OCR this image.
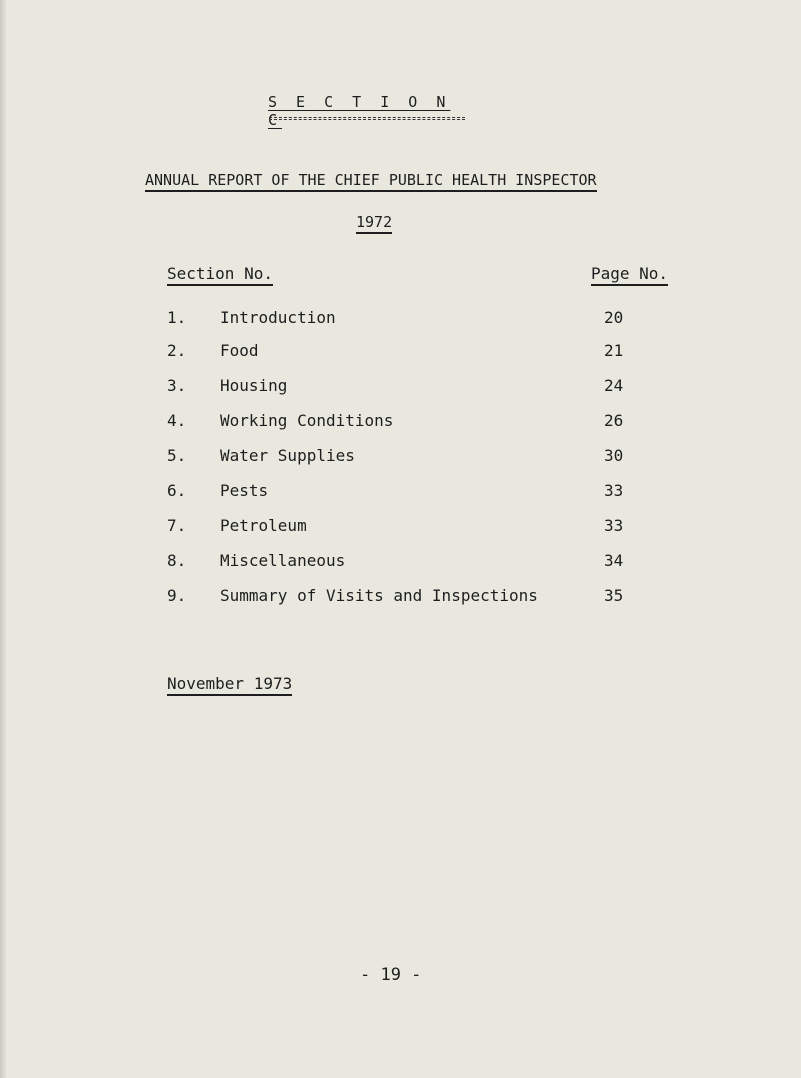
S E C T I O N C
ANNUAL REPORT OF THE CHIEF PUBLIC HEALTH INSPECTOR
1972
Section No.	Page No.
1. Introduction	20
2. Food	21
3. Housing	24
4. Working Conditions	26
5. Water Supplies	30
6. Pests	33
7. Petroleum	33
8. Miscellaneous	34
9. Summary of Visits and Inspections	35
November 1973
- 19 -
